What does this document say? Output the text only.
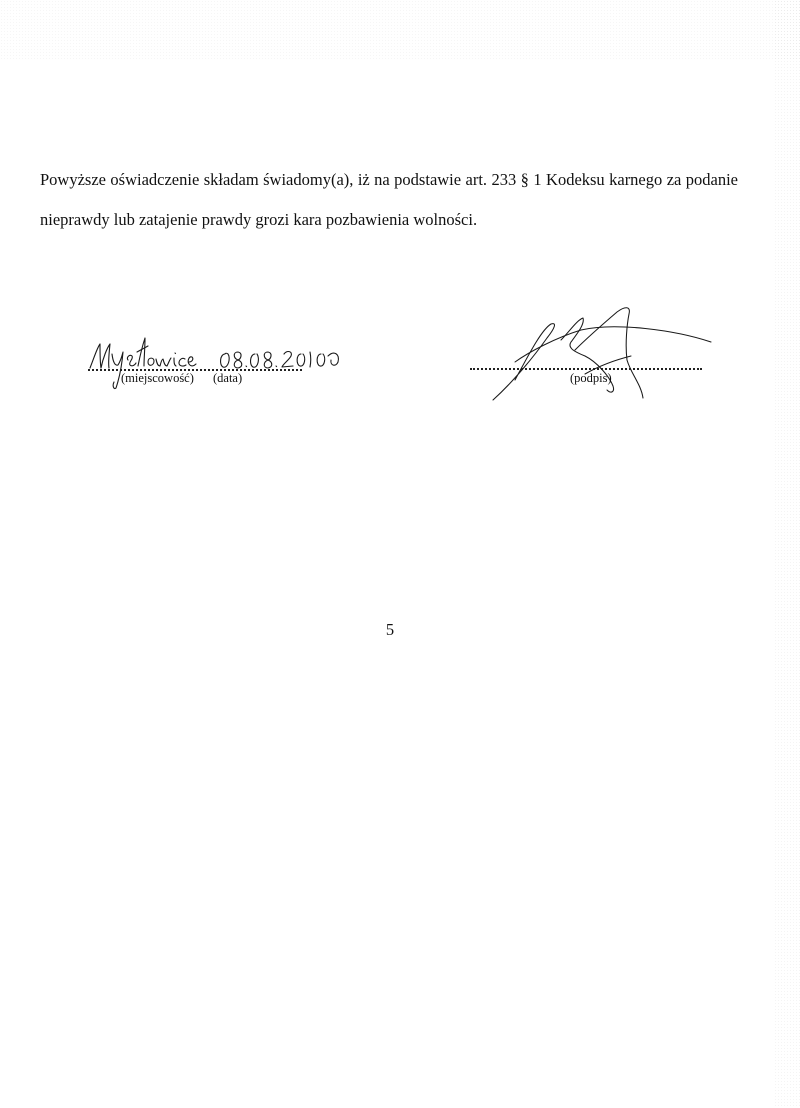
Powyższe oświadczenie składam świadomy(a), iż na podstawie art. 233 § 1 Kodeksu karnego za podanie
nieprawdy lub zatajenie prawdy grozi kara pozbawienia wolności.
(miejscowość) (data)	(podpis)
5
